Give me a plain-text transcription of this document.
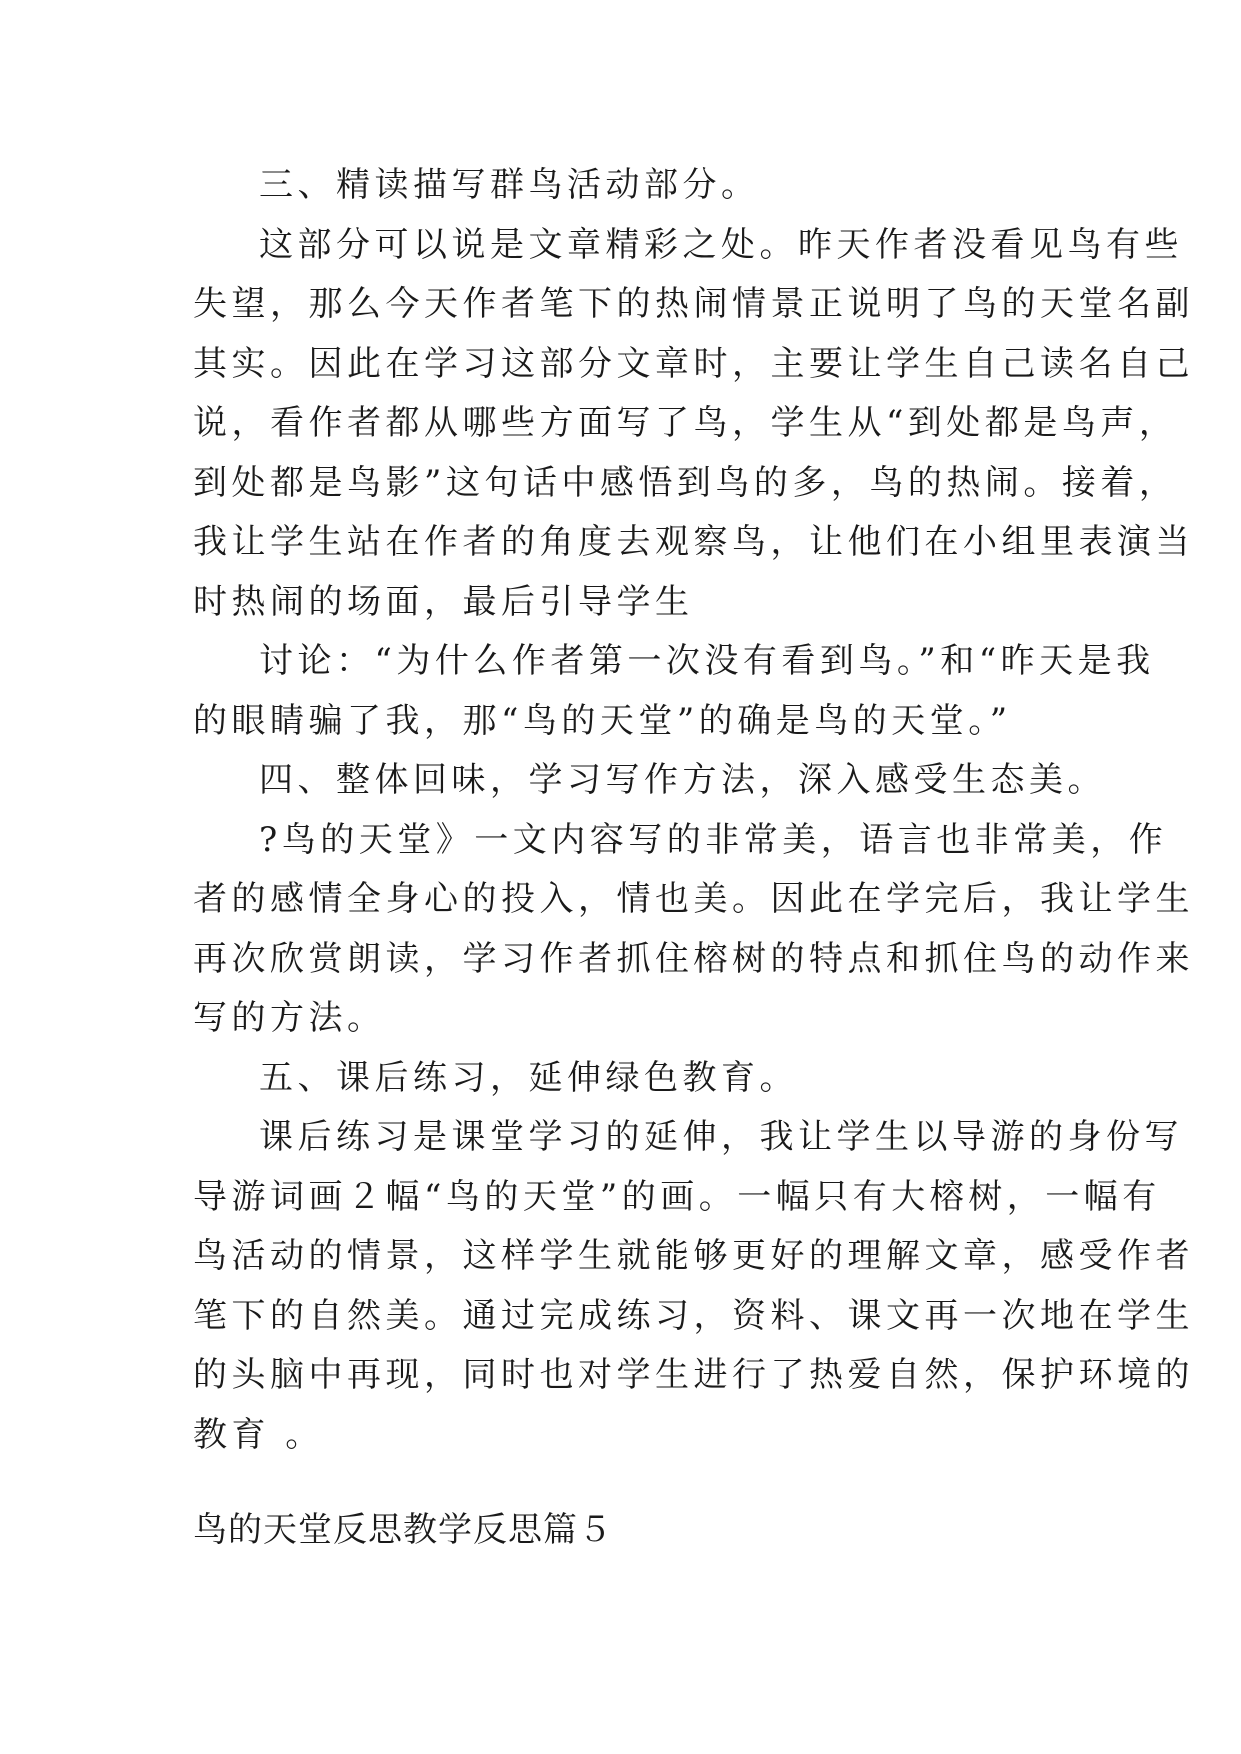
三、精读描写群鸟活动部分。
这部分可以说是文章精彩之处。昨天作者没看见鸟有些
失望，那么今天作者笔下的热闹情景正说明了鸟的天堂名副
其实。因此在学习这部分文章时，主要让学生自己读名自己
说，看作者都从哪些方面写了鸟，学生从“到处都是鸟声，
到处都是鸟影”这句话中感悟到鸟的多，鸟的热闹。接着，
我让学生站在作者的角度去观察鸟，让他们在小组里表演当
时热闹的场面，最后引导学生
讨论：“为什么作者第一次没有看到鸟。”和“昨天是我
的眼睛骗了我，那“鸟的天堂”的确是鸟的天堂。”
四、整体回味，学习写作方法，深入感受生态美。
?鸟的天堂》一文内容写的非常美，语言也非常美，作
者的感情全身心的投入，情也美。因此在学完后，我让学生
再次欣赏朗读，学习作者抓住榕树的特点和抓住鸟的动作来
写的方法。
五、课后练习，延伸绿色教育。
课后练习是课堂学习的延伸，我让学生以导游的身份写
导游词画２幅“鸟的天堂”的画。一幅只有大榕树，一幅有
鸟活动的情景，这样学生就能够更好的理解文章，感受作者
笔下的自然美。通过完成练习，资料、课文再一次地在学生
的头脑中再现，同时也对学生进行了热爱自然，保护环境的
教育 。
鸟的天堂反思教学反思篇５
